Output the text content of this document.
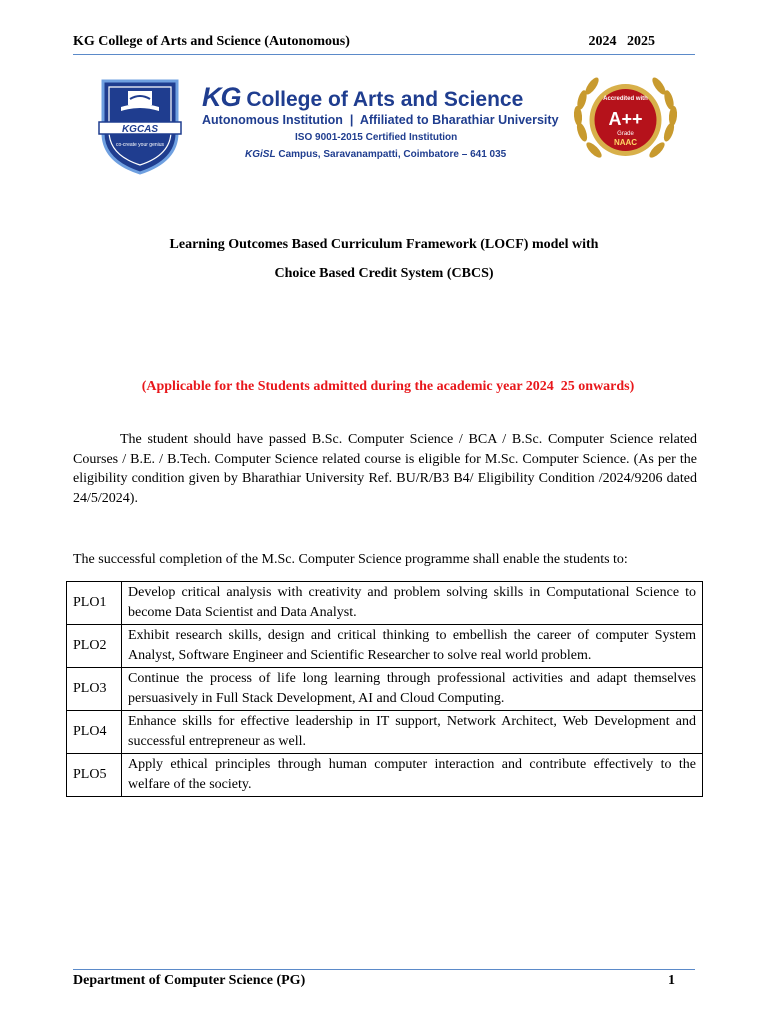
KG College of Arts and Science (Autonomous)	2024   2025
KGCAS
co-create your genius
KG College of Arts and Science
Autonomous Institution  |  Affiliated to Bharathiar University
ISO 9001-2015 Certified Institution
KGiSL Campus, Saravanampatti, Coimbatore – 641 035
Accredited with
A++
Grade
NAAC
Learning Outcomes Based Curriculum Framework (LOCF) model with
Choice Based Credit System (CBCS)
(Applicable for the Students admitted during the academic year 2024  25 onwards)
The student should have passed B.Sc. Computer Science / BCA / B.Sc. Computer Science related Courses / B.E. / B.Tech. Computer Science related course is eligible for M.Sc. Computer Science. (As per the eligibility condition given by Bharathiar University Ref. BU/R/B3 B4/ Eligibility Condition /2024/9206 dated 24/5/2024).
The successful completion of the M.Sc. Computer Science programme shall enable the students to:
PLO1	Develop critical analysis with creativity and problem solving skills in Computational Science to become Data Scientist and Data Analyst.
PLO2	Exhibit research skills, design and critical thinking to embellish the career of computer System Analyst, Software Engineer and Scientific Researcher to solve real world problem.
PLO3	Continue the process of life long learning through professional activities and adapt themselves persuasively in Full Stack Development, AI and Cloud Computing.
PLO4	Enhance skills for effective leadership in IT support, Network Architect, Web Development and successful entrepreneur as well.
PLO5	Apply ethical principles through human computer interaction and contribute effectively to the welfare of the society.
Department of Computer Science (PG)	1
